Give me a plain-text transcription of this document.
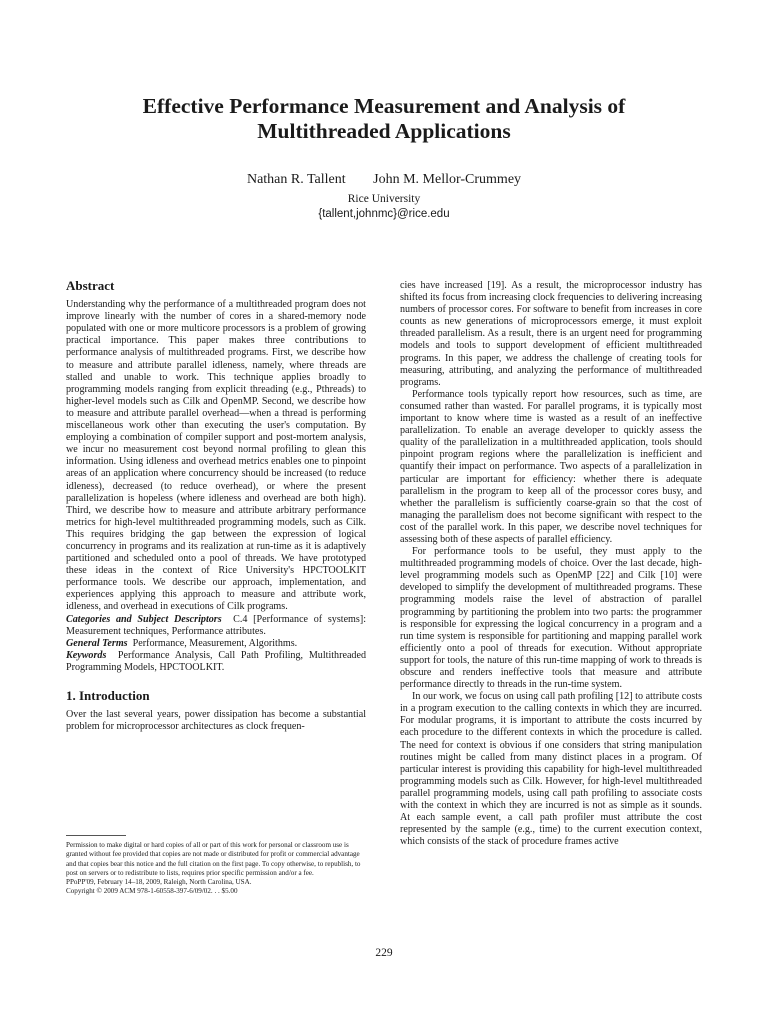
Effective Performance Measurement and Analysis of
Multithreaded Applications
Nathan R. Tallent John M. Mellor-Crummey
Rice University
{tallent,johnmc}@rice.edu
Abstract

Understanding why the performance of a multithreaded program does not improve linearly with the number of cores in a shared-memory node populated with one or more multicore processors is a problem of growing practical importance. This paper makes three contributions to performance analysis of multithreaded programs. First, we describe how to measure and attribute parallel idleness, namely, where threads are stalled and unable to work. This technique applies broadly to programming models ranging from explicit threading (e.g., Pthreads) to higher-level models such as Cilk and OpenMP. Second, we describe how to measure and attribute parallel overhead—when a thread is performing miscellaneous work other than executing the user's computation. By employing a combination of compiler support and post-mortem analysis, we incur no measurement cost beyond normal profiling to glean this information. Using idleness and overhead metrics enables one to pinpoint areas of an application where concurrency should be increased (to reduce idleness), decreased (to reduce overhead), or where the present parallelization is hopeless (where idleness and overhead are both high). Third, we describe how to measure and attribute arbitrary performance metrics for high-level multithreaded programming models, such as Cilk. This requires bridging the gap between the expression of logical concurrency in programs and its realization at run-time as it is adaptively partitioned and scheduled onto a pool of threads. We have prototyped these ideas in the context of Rice University's HPCTOOLKIT performance tools. We describe our approach, implementation, and experiences applying this approach to measure and attribute work, idleness, and overhead in executions of Cilk programs.

Categories and Subject Descriptors C.4 [Performance of systems]: Measurement techniques, Performance attributes.

General Terms Performance, Measurement, Algorithms.

Keywords Performance Analysis, Call Path Profiling, Multithreaded Programming Models, HPCTOOLKIT.

1. Introduction

Over the last several years, power dissipation has become a substantial problem for microprocessor architectures as clock frequen-

Permission to make digital or hard copies of all or part of this work for personal or classroom use is granted without fee provided that copies are not made or distributed for profit or commercial advantage and that copies bear this notice and the full citation on the first page. To copy otherwise, to republish, to post on servers or to redistribute to lists, requires prior specific permission and/or a fee.

PPoPP'09, February 14–18, 2009, Raleigh, North Carolina, USA.

Copyright © 2009 ACM 978-1-60558-397-6/09/02. . . $5.00

cies have increased [19]. As a result, the microprocessor industry has shifted its focus from increasing clock frequencies to delivering increasing numbers of processor cores. For software to benefit from increases in core counts as new generations of microprocessors emerge, it must exploit threaded parallelism. As a result, there is an urgent need for programming models and tools to support development of efficient multithreaded programs. In this paper, we address the challenge of creating tools for measuring, attributing, and analyzing the performance of multithreaded programs.

Performance tools typically report how resources, such as time, are consumed rather than wasted. For parallel programs, it is typically most important to know where time is wasted as a result of an ineffective parallelization. To enable an average developer to quickly assess the quality of the parallelization in a multithreaded application, tools should pinpoint program regions where the parallelization is inefficient and quantify their impact on performance. Two aspects of a parallelization in particular are important for efficiency: whether there is adequate parallelism in the program to keep all of the processor cores busy, and whether the parallelism is sufficiently coarse-grain so that the cost of managing the parallelism does not become significant with respect to the cost of the parallel work. In this paper, we describe novel techniques for assessing both of these aspects of parallel efficiency.

For performance tools to be useful, they must apply to the multithreaded programming models of choice. Over the last decade, high-level programming models such as OpenMP [22] and Cilk [10] were developed to simplify the development of multithreaded programs. These programming models raise the level of abstraction of parallel programming by partitioning the problem into two parts: the programmer is responsible for expressing the logical concurrency in a program and a run time system is responsible for partitioning and mapping parallel work efficiently onto a pool of threads for execution. Without appropriate support for tools, the nature of this run-time mapping of work to threads is obscure and renders ineffective tools that measure and attribute performance directly to threads in the run-time system.

In our work, we focus on using call path profiling [12] to attribute costs in a program execution to the calling contexts in which they are incurred. For modular programs, it is important to attribute the costs incurred by each procedure to the different contexts in which the procedure is called. The need for context is obvious if one considers that string manipulation routines might be called from many distinct places in a program. Of particular interest is providing this capability for high-level multithreaded programming models such as Cilk. However, for high-level multithreaded parallel programming models, using call path profiling to associate costs with the context in which they are incurred is not as simple as it sounds. At each sample event, a call path profiler must attribute the cost represented by the sample (e.g., time) to the current execution context, which consists of the stack of procedure frames active

229
